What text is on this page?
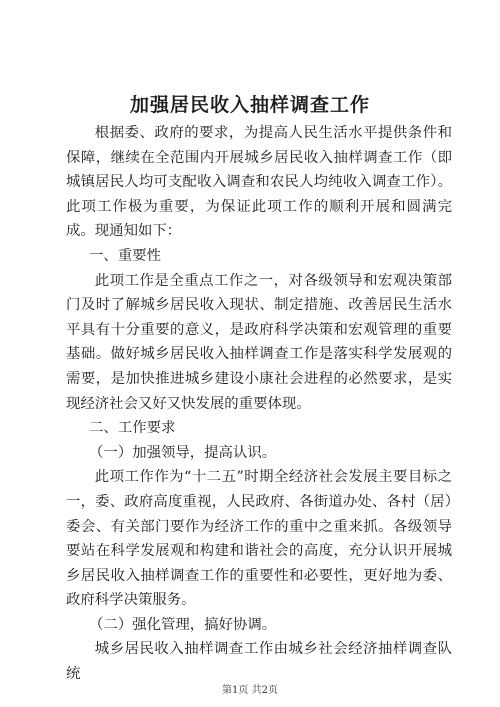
加强居民收入抽样调查工作

根据委、政府的要求，为提高人民生活水平提供条件和保障，继续在全范围内开展城乡居民收入抽样调查工作（即城镇居民人均可支配收入调查和农民人均纯收入调查工作）。此项工作极为重要，为保证此项工作的顺利开展和圆满完成。现通知如下：

一、重要性

此项工作是全重点工作之一，对各级领导和宏观决策部门及时了解城乡居民收入现状、制定措施、改善居民生活水平具有十分重要的意义，是政府科学决策和宏观管理的重要基础。做好城乡居民收入抽样调查工作是落实科学发展观的需要，是加快推进城乡建设小康社会进程的必然要求，是实现经济社会又好又快发展的重要体现。

二、工作要求

（一）加强领导，提高认识。

此项工作作为“十二五”时期全经济社会发展主要目标之一，委、政府高度重视，人民政府、各街道办处、各村（居）委会、有关部门要作为经济工作的重中之重来抓。各级领导要站在科学发展观和构建和谐社会的高度，充分认识开展城乡居民收入抽样调查工作的重要性和必要性，更好地为委、政府科学决策服务。

（二）强化管理，搞好协调。

城乡居民收入抽样调查工作由城乡社会经济抽样调查队统

第1页 共2页
